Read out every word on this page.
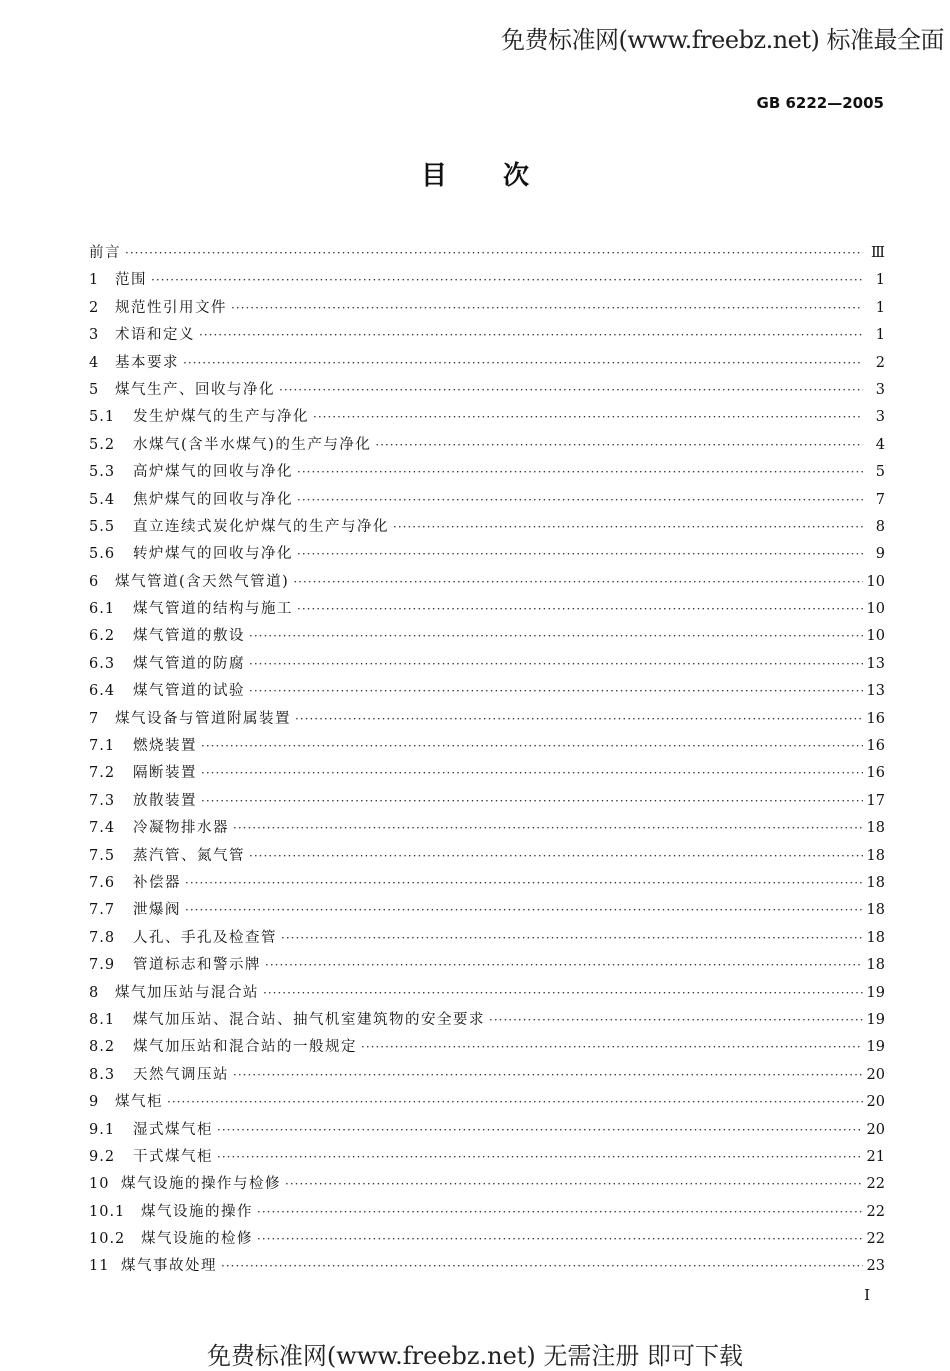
免费标准网(www.freebz.net) 标准最全面
GB 6222—2005
目次
前言 ·····	Ⅲ
1	范围 ·····	1
2	规范性引用文件 ·····	1
3	术语和定义 ·····	1
4	基本要求 ·····	2
5	煤气生产、回收与净化 ·····	3
5.1	发生炉煤气的生产与净化 ·····	3
5.2	水煤气(含半水煤气)的生产与净化 ·····	4
5.3	高炉煤气的回收与净化 ·····	5
5.4	焦炉煤气的回收与净化 ·····	7
5.5	直立连续式炭化炉煤气的生产与净化 ·····	8
5.6	转炉煤气的回收与净化 ·····	9
6	煤气管道(含天然气管道) ·····	10
6.1	煤气管道的结构与施工 ·····	10
6.2	煤气管道的敷设 ·····	10
6.3	煤气管道的防腐 ·····	13
6.4	煤气管道的试验 ·····	13
7	煤气设备与管道附属装置 ·····	16
7.1	燃烧装置 ·····	16
7.2	隔断装置 ·····	16
7.3	放散装置 ·····	17
7.4	冷凝物排水器 ·····	18
7.5	蒸汽管、氮气管 ·····	18
7.6	补偿器 ·····	18
7.7	泄爆阀 ·····	18
7.8	人孔、手孔及检查管 ·····	18
7.9	管道标志和警示牌 ·····	18
8	煤气加压站与混合站 ·····	19
8.1	煤气加压站、混合站、抽气机室建筑物的安全要求 ·····	19
8.2	煤气加压站和混合站的一般规定 ·····	19
8.3	天然气调压站 ·····	20
9	煤气柜 ·····	20
9.1	湿式煤气柜 ·····	20
9.2	干式煤气柜 ·····	21
10 煤气设施的操作与检修 ·····	22
10.1	煤气设施的操作 ·····	22
10.2	煤气设施的检修 ·····	22
11 煤气事故处理 ·····	23
I
免费标准网(www.freebz.net) 无需注册 即可下载
